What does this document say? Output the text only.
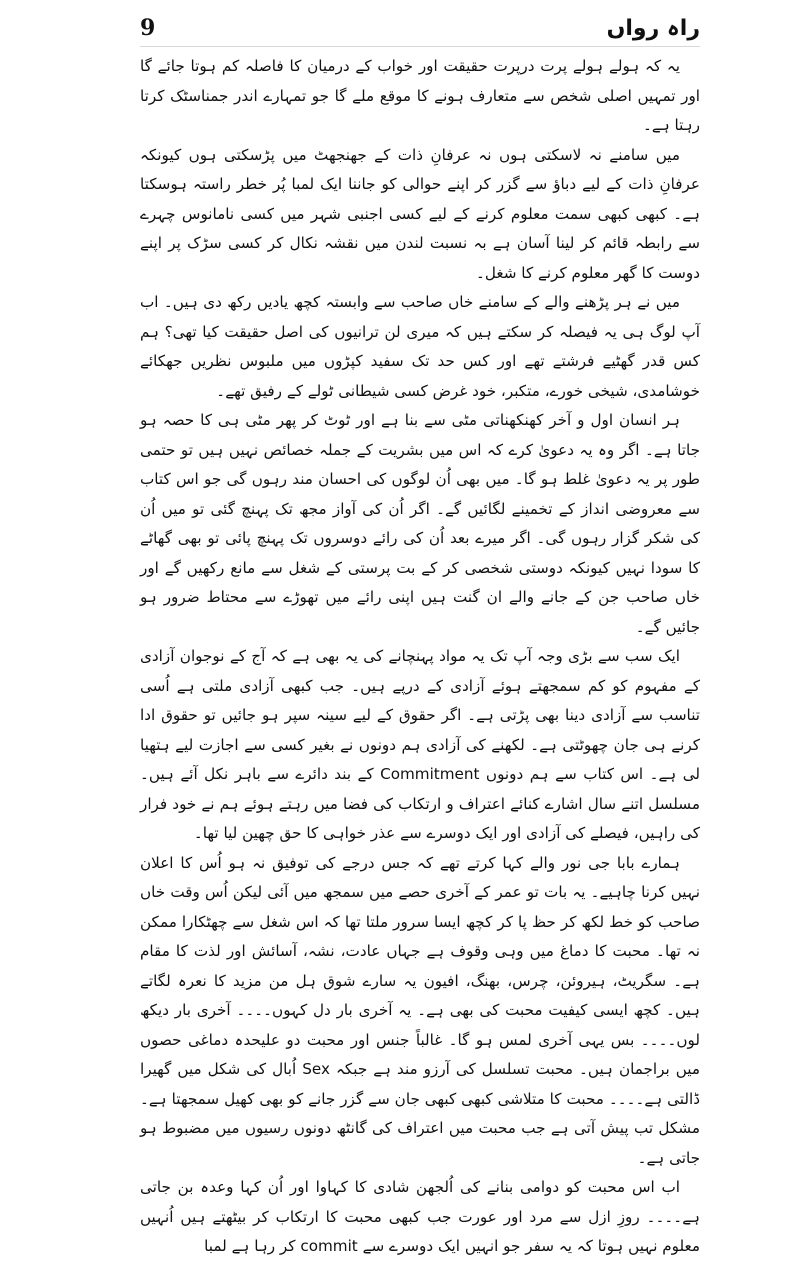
9	راہ رواں

یہ کہ ہولے ہولے پرت درپرت حقیقت اور خواب کے درمیان کا فاصلہ کم ہوتا جائے گا اور تمہیں اصلی شخص سے متعارف ہونے کا موقع ملے گا جو تمہارے اندر جمناسٹک کرتا رہتا ہے۔

میں سامنے نہ لاسکتی ہوں نہ عرفانِ ذات کے جھنجھٹ میں پڑسکتی ہوں کیونکہ عرفانِ ذات کے لیے دباؤ سے گزر کر اپنے حوالی کو جاننا ایک لمبا پُر خطر راستہ ہوسکتا ہے۔ کبھی کبھی سمت معلوم کرنے کے لیے کسی اجنبی شہر میں کسی نامانوس چہرے سے رابطہ قائم کر لینا آسان ہے بہ نسبت لندن میں نقشہ نکال کر کسی سڑک پر اپنے دوست کا گھر معلوم کرنے کا شغل۔

میں نے ہر پڑھنے والے کے سامنے خاں صاحب سے وابستہ کچھ یادیں رکھ دی ہیں۔ اب آپ لوگ ہی یہ فیصلہ کر سکتے ہیں کہ میری لن ترانیوں کی اصل حقیقت کیا تھی؟ ہم کس قدر گھٹیے فرشتے تھے اور کس حد تک سفید کپڑوں میں ملبوس نظریں جھکائے خوشامدی، شیخی خورے، متکبر، خود غرض کسی شیطانی ٹولے کے رفیق تھے۔

ہر انسان اول و آخر کھنکھناتی مٹی سے بنا ہے اور ٹوٹ کر پھر مٹی ہی کا حصہ ہو جاتا ہے۔ اگر وہ یہ دعویٰ کرے کہ اس میں بشریت کے جملہ خصائص نہیں ہیں تو حتمی طور پر یہ دعویٰ غلط ہو گا۔ میں بھی اُن لوگوں کی احسان مند رہوں گی جو اس کتاب سے معروضی انداز کے تخمینے لگائیں گے۔ اگر اُن کی آواز مجھ تک پہنچ گئی تو میں اُن کی شکر گزار رہوں گی۔ اگر میرے بعد اُن کی رائے دوسروں تک پہنچ پائی تو بھی گھاٹے کا سودا نہیں کیونکہ دوستی شخصی کر کے بت پرستی کے شغل سے مانع رکھیں گے اور خاں صاحب جن کے جانے والے ان گنت ہیں اپنی رائے میں تھوڑے سے محتاط ضرور ہو جائیں گے۔

ایک سب سے بڑی وجہ آپ تک یہ مواد پہنچانے کی یہ بھی ہے کہ آج کے نوجوان آزادی کے مفہوم کو کم سمجھتے ہوئے آزادی کے درپے ہیں۔ جب کبھی آزادی ملتی ہے اُسی تناسب سے آزادی دینا بھی پڑتی ہے۔ اگر حقوق کے لیے سینہ سپر ہو جائیں تو حقوق ادا کرنے ہی جان چھوٹتی ہے۔ لکھنے کی آزادی ہم دونوں نے بغیر کسی سے اجازت لیے ہتھیا لی ہے۔ اس کتاب سے ہم دونوں Commitment کے بند دائرے سے باہر نکل آئے ہیں۔ مسلسل اتنے سال اشارے کنائے اعتراف و ارتکاب کی فضا میں رہتے ہوئے ہم نے خود فرار کی راہیں، فیصلے کی آزادی اور ایک دوسرے سے عذر خواہی کا حق چھین لیا تھا۔

ہمارے بابا جی نور والے کہا کرتے تھے کہ جس درجے کی توفیق نہ ہو اُس کا اعلان نہیں کرنا چاہیے۔ یہ بات تو عمر کے آخری حصے میں سمجھ میں آئی لیکن اُس وقت خاں صاحب کو خط لکھ کر حظ پا کر کچھ ایسا سرور ملتا تھا کہ اس شغل سے چھٹکارا ممکن نہ تھا۔ محبت کا دماغ میں وہی وقوف ہے جہاں عادت، نشہ، آسائش اور لذت کا مقام ہے۔ سگریٹ، ہیروئن، چرس، بھنگ، افیون یہ سارے شوق ہل من مزید کا نعرہ لگاتے ہیں۔ کچھ ایسی کیفیت محبت کی بھی ہے۔ یہ آخری بار دل کہوں۔۔۔۔ آخری بار دیکھ لوں۔۔۔۔ بس یہی آخری لمس ہو گا۔ غالباً جنس اور محبت دو علیحدہ دماغی حصوں میں براجمان ہیں۔ محبت تسلسل کی آرزو مند ہے جبکہ Sex اُبال کی شکل میں گھیرا ڈالتی ہے۔۔۔۔ محبت کا متلاشی کبھی کبھی جان سے گزر جانے کو بھی کھیل سمجھتا ہے۔ مشکل تب پیش آتی ہے جب محبت میں اعتراف کی گانٹھ دونوں رسیوں میں مضبوط ہو جاتی ہے۔

اب اس محبت کو دوامی بنانے کی اُلجھن شادی کا کہاوا اور اُن کہا وعدہ بن جاتی ہے۔۔۔۔ روزِ ازل سے مرد اور عورت جب کبھی محبت کا ارتکاب کر بیٹھتے ہیں اُنہیں معلوم نہیں ہوتا کہ یہ سفر جو انہیں ایک دوسرے سے commit کر رہا ہے لمبا
